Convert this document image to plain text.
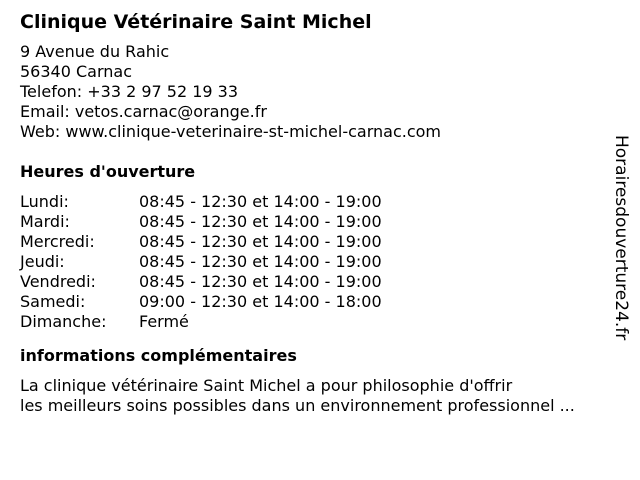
Clinique Vétérinaire Saint Michel
9 Avenue du Rahic
56340 Carnac
Telefon: +33 2 97 52 19 33
Email: vetos.carnac@orange.fr
Web: www.clinique-veterinaire-st-michel-carnac.com
Heures d'ouverture
Lundi:	08:45 - 12:30 et 14:00 - 19:00
Mardi:	08:45 - 12:30 et 14:00 - 19:00
Mercredi:	08:45 - 12:30 et 14:00 - 19:00
Jeudi:	08:45 - 12:30 et 14:00 - 19:00
Vendredi:	08:45 - 12:30 et 14:00 - 19:00
Samedi:	09:00 - 12:30 et 14:00 - 18:00
Dimanche:	Fermé
informations complémentaires
La clinique vétérinaire Saint Michel a pour philosophie d'offrir
les meilleurs soins possibles dans un environnement professionnel ...
Horairesdouverture24.fr
